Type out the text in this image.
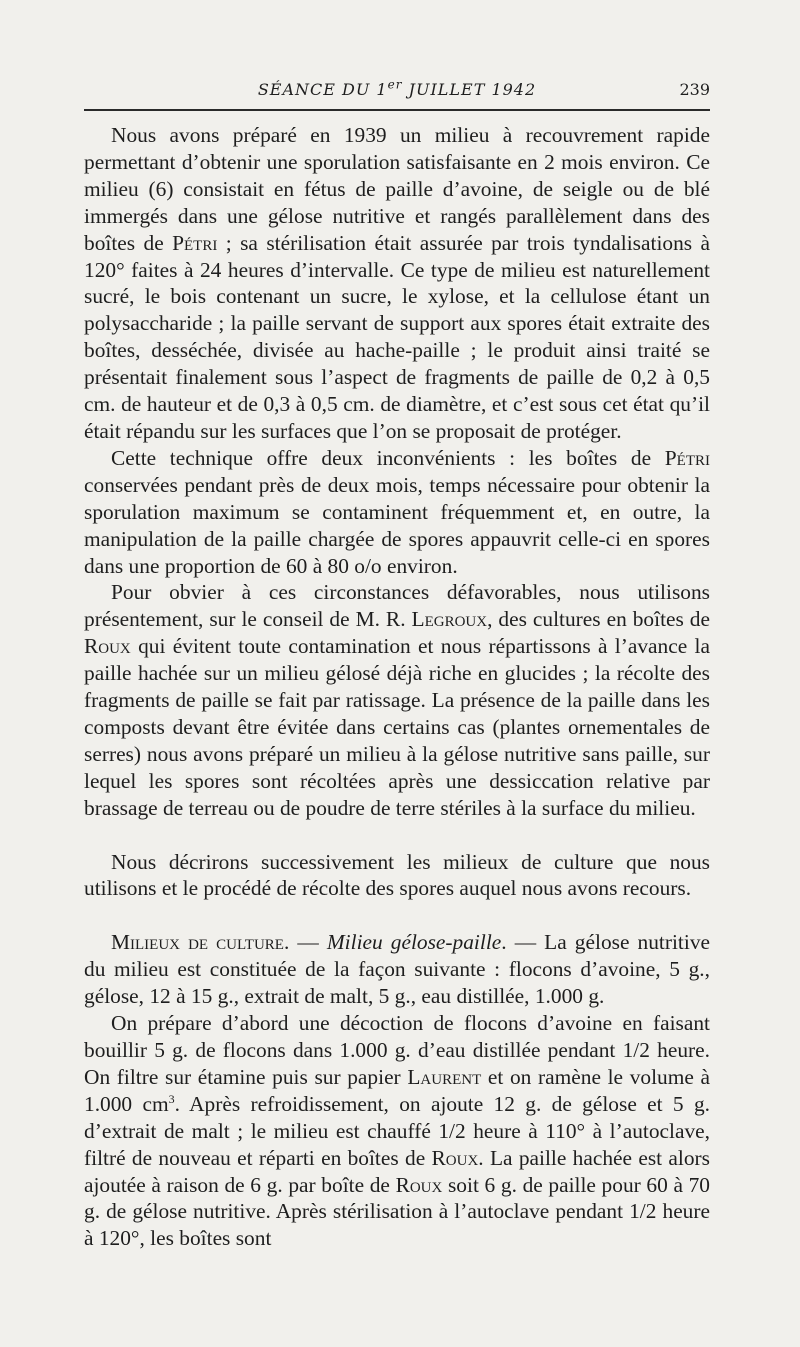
SÉANCE DU 1er JUILLET 1942	239

Nous avons préparé en 1939 un milieu à recouvrement rapide permettant d’obtenir une sporulation satisfaisante en 2 mois environ. Ce milieu (6) consistait en fétus de paille d’avoine, de seigle ou de blé immergés dans une gélose nutritive et rangés parallèlement dans des boîtes de Pétri ; sa stérilisation était assurée par trois tyndalisations à 120° faites à 24 heures d’intervalle. Ce type de milieu est naturellement sucré, le bois contenant un sucre, le xylose, et la cellulose étant un polysaccharide ; la paille servant de support aux spores était extraite des boîtes, desséchée, divisée au hache-paille ; le produit ainsi traité se présentait finalement sous l’aspect de fragments de paille de 0,2 à 0,5 cm. de hauteur et de 0,3 à 0,5 cm. de diamètre, et c’est sous cet état qu’il était répandu sur les surfaces que l’on se proposait de protéger.

Cette technique offre deux inconvénients : les boîtes de Pétri conservées pendant près de deux mois, temps nécessaire pour obtenir la sporulation maximum se contaminent fréquemment et, en outre, la manipulation de la paille chargée de spores appauvrit celle-ci en spores dans une proportion de 60 à 80 o/o environ.

Pour obvier à ces circonstances défavorables, nous utilisons présentement, sur le conseil de M. R. Legroux, des cultures en boîtes de Roux qui évitent toute contamination et nous répartissons à l’avance la paille hachée sur un milieu gélosé déjà riche en glucides ; la récolte des fragments de paille se fait par ratissage. La présence de la paille dans les composts devant être évitée dans certains cas (plantes ornementales de serres) nous avons préparé un milieu à la gélose nutritive sans paille, sur lequel les spores sont récoltées après une dessiccation relative par brassage de terreau ou de poudre de terre stériles à la surface du milieu.

Nous décrirons successivement les milieux de culture que nous utilisons et le procédé de récolte des spores auquel nous avons recours.

Milieux de culture. — Milieu gélose-paille. — La gélose nutritive du milieu est constituée de la façon suivante : flocons d’avoine, 5 g., gélose, 12 à 15 g., extrait de malt, 5 g., eau distillée, 1.000 g.

On prépare d’abord une décoction de flocons d’avoine en faisant bouillir 5 g. de flocons dans 1.000 g. d’eau distillée pendant 1/2 heure. On filtre sur étamine puis sur papier Laurent et on ramène le volume à 1.000 $cm^3$. Après refroidissement, on ajoute 12 g. de gélose et 5 g. d’extrait de malt ; le milieu est chauffé 1/2 heure à 110° à l’autoclave, filtré de nouveau et réparti en boîtes de Roux. La paille hachée est alors ajoutée à raison de 6 g. par boîte de Roux soit 6 g. de paille pour 60 à 70 g. de gélose nutritive. Après stérilisation à l’autoclave pendant 1/2 heure à 120°, les boîtes sont
